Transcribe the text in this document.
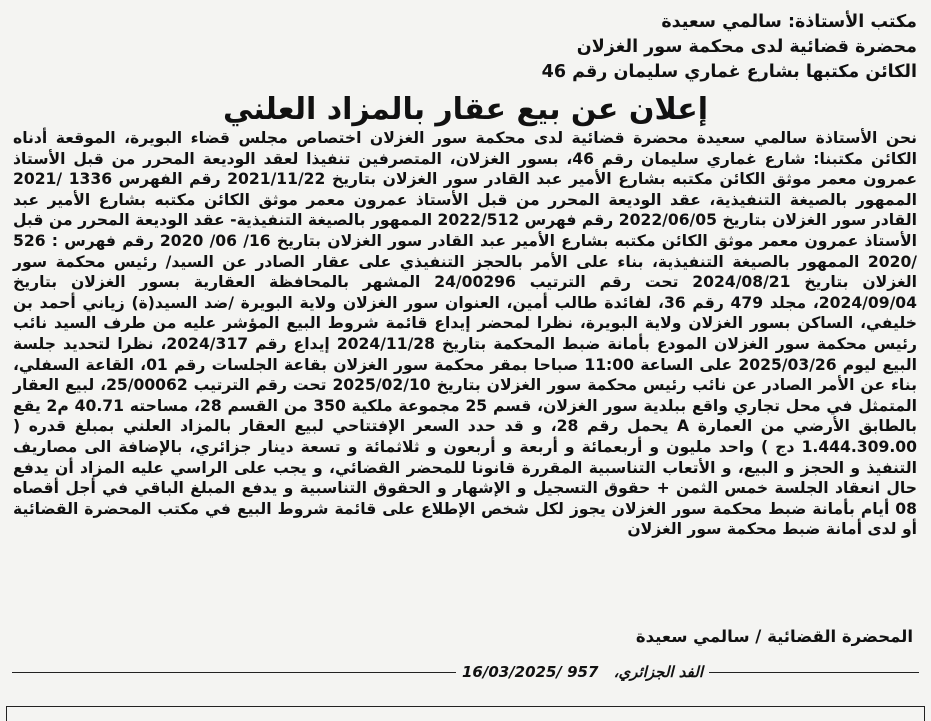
مكتب الأستاذة: سالمي سعيدة
محضرة قضائية لدى محكمة سور الغزلان
الكائن مكتبها بشارع غماري سليمان رقم 46
إعلان عن بيع عقار بالمزاد العلني

نحن الأستاذة سالمي سعيدة محضرة قضائية لدى محكمة سور الغزلان اختصاص مجلس قضاء البويرة، الموقعة أدناه الكائن مكتبنا: شارع غماري سليمان رقم 46، بسور الغزلان، المتصرفين تنفيذا لعقد الوديعة المحرر من قبل الأستاذ عمرون معمر موثق الكائن مكتبه بشارع الأمير عبد القادر سور الغزلان بتاريخ 2021/11/22 رقم الفهرس 1336 /2021 الممهور بالصيغة التنفيذية، عقد الوديعة المحرر من قبل الأستاذ عمرون معمر موثق الكائن مكتبه بشارع الأمير عبد القادر سور الغزلان بتاريخ 2022/06/05 رقم فهرس 2022/512 الممهور بالصيغة التنفيذية- عقد الوديعة المحرر من قبل الأستاذ عمرون معمر موثق الكائن مكتبه بشارع الأمير عبد القادر سور الغزلان بتاريخ 16/ 06/ 2020 رقم فهرس : 526 /2020 الممهور بالصيغة التنفيذية، بناء على الأمر بالحجز التنفيذي على عقار الصادر عن السيد/ رئيس محكمة سور الغزلان بتاريخ 2024/08/21 تحت رقم الترتيب 24/00296 المشهر بالمحافظة العقارية بسور الغزلان بتاريخ 2024/09/04، مجلد 479 رقم 36، لفائدة طالب أمين، العنوان سور الغزلان ولاية البويرة /ضد السيد(ة) زياني أحمد بن خليفي، الساكن بسور الغزلان ولاية البويرة، نظرا لمحضر إيداع قائمة شروط البيع المؤشر عليه من طرف السيد نائب رئيس محكمة سور الغزلان المودع بأمانة ضبط المحكمة بتاريخ 2024/11/28 إيداع رقم 2024/317، نظرا لتحديد جلسة البيع ليوم 2025/03/26 على الساعة 11:00 صباحا بمقر محكمة سور الغزلان بقاعة الجلسات رقم 01، القاعة السفلي، بناء عن الأمر الصادر عن نائب رئيس محكمة سور الغزلان بتاريخ 2025/02/10 تحت رقم الترتيب 25/00062، لبيع العقار المتمثل في محل تجاري واقع ببلدية سور الغزلان، قسم 25 مجموعة ملكية 350 من القسم 28، مساحته 40.71 م2 يقع بالطابق الأرضي من العمارة A يحمل رقم 28، و قد حدد السعر الإفتتاحي لبيع العقار بالمزاد العلني بمبلغ قدره ( 1.444.309.00 دج ) واحد مليون و أربعمائة و أربعة و أربعون و ثلاثمائة و تسعة دينار جزائري، بالإضافة الى مصاريف التنفيذ و الحجز و البيع، و الأتعاب التناسبية المقررة قانونا للمحضر القضائي، و يجب على الراسي عليه المزاد أن يدفع حال انعقاد الجلسة خمس الثمن + حقوق التسجيل و الإشهار و الحقوق التناسبية و يدفع المبلغ الباقي في أجل أقصاه 08 أيام بأمانة ضبط محكمة سور الغزلان يجوز لكل شخص الإطلاع على قائمة شروط البيع في مكتب المحضرة القضائية أو لدى أمانة ضبط محكمة سور الغزلان

المحضرة القضائية / سالمي سعيدة
الفد الجزائري، 16/03/2025/ 957
